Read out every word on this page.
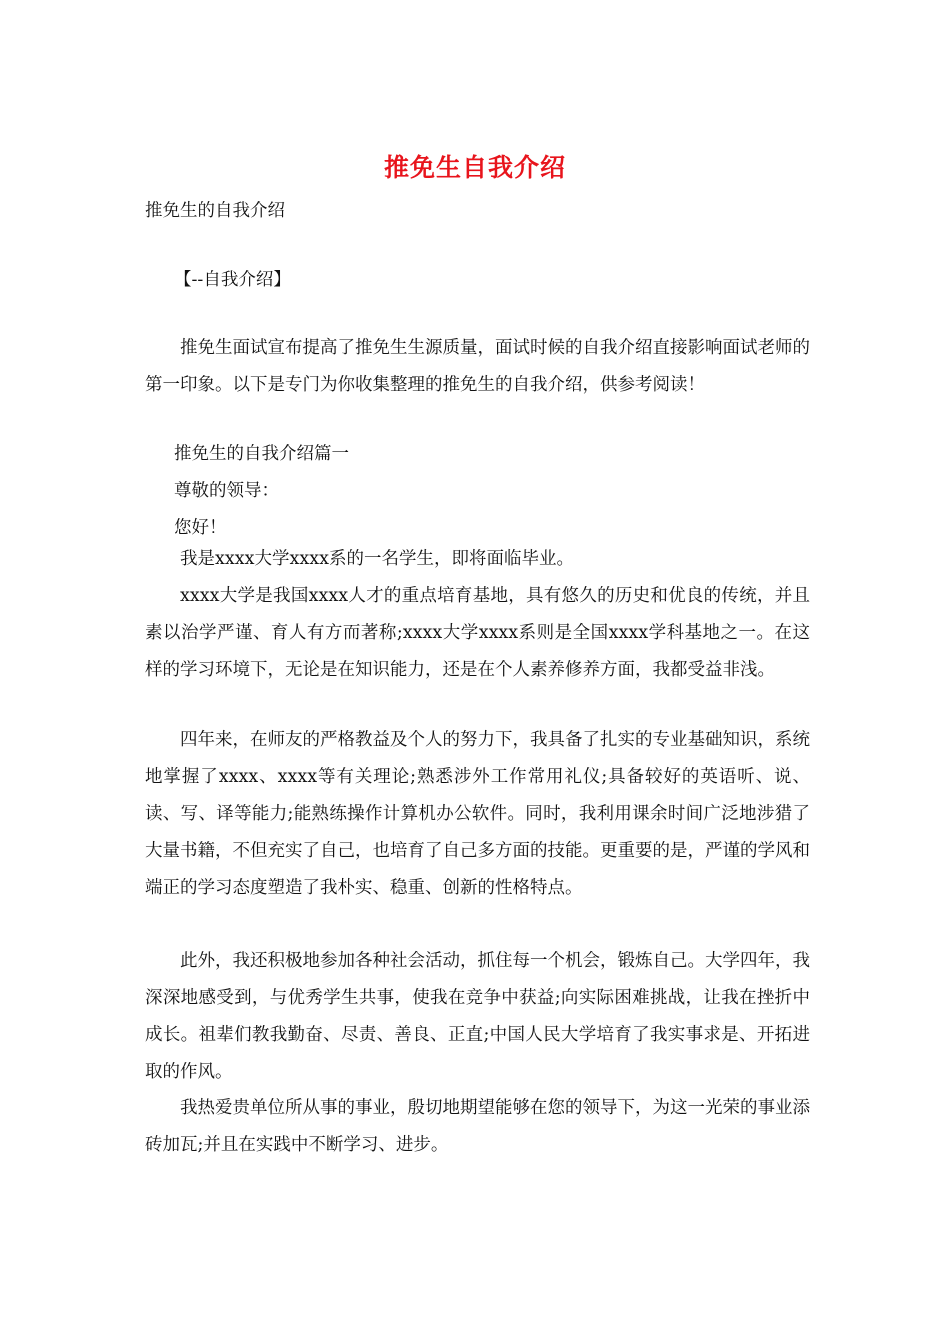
推免生自我介绍
推免生的自我介绍
【--自我介绍】

推免生面试宣布提高了推免生生源质量，面试时候的自我介绍直接影响面试老师的第一印象。以下是专门为你收集整理的推免生的自我介绍，供参考阅读！

推免生的自我介绍篇一
尊敬的领导：
您好！

我是xxxx大学xxxx系的一名学生，即将面临毕业。

xxxx大学是我国xxxx人才的重点培育基地，具有悠久的历史和优良的传统，并且素以治学严谨、育人有方而著称;xxxx大学xxxx系则是全国xxxx学科基地之一。在这样的学习环境下，无论是在知识能力，还是在个人素养修养方面，我都受益非浅。

四年来，在师友的严格教益及个人的努力下，我具备了扎实的专业基础知识，系统地掌握了xxxx、xxxx等有关理论;熟悉涉外工作常用礼仪;具备较好的英语听、说、读、写、译等能力;能熟练操作计算机办公软件。同时，我利用课余时间广泛地涉猎了大量书籍，不但充实了自己，也培育了自己多方面的技能。更重要的是，严谨的学风和端正的学习态度塑造了我朴实、稳重、创新的性格特点。

此外，我还积极地参加各种社会活动，抓住每一个机会，锻炼自己。大学四年，我深深地感受到，与优秀学生共事，使我在竞争中获益;向实际困难挑战，让我在挫折中成长。祖辈们教我勤奋、尽责、善良、正直;中国人民大学培育了我实事求是、开拓进取的作风。

我热爱贵单位所从事的事业，殷切地期望能够在您的领导下，为这一光荣的事业添砖加瓦;并且在实践中不断学习、进步。
